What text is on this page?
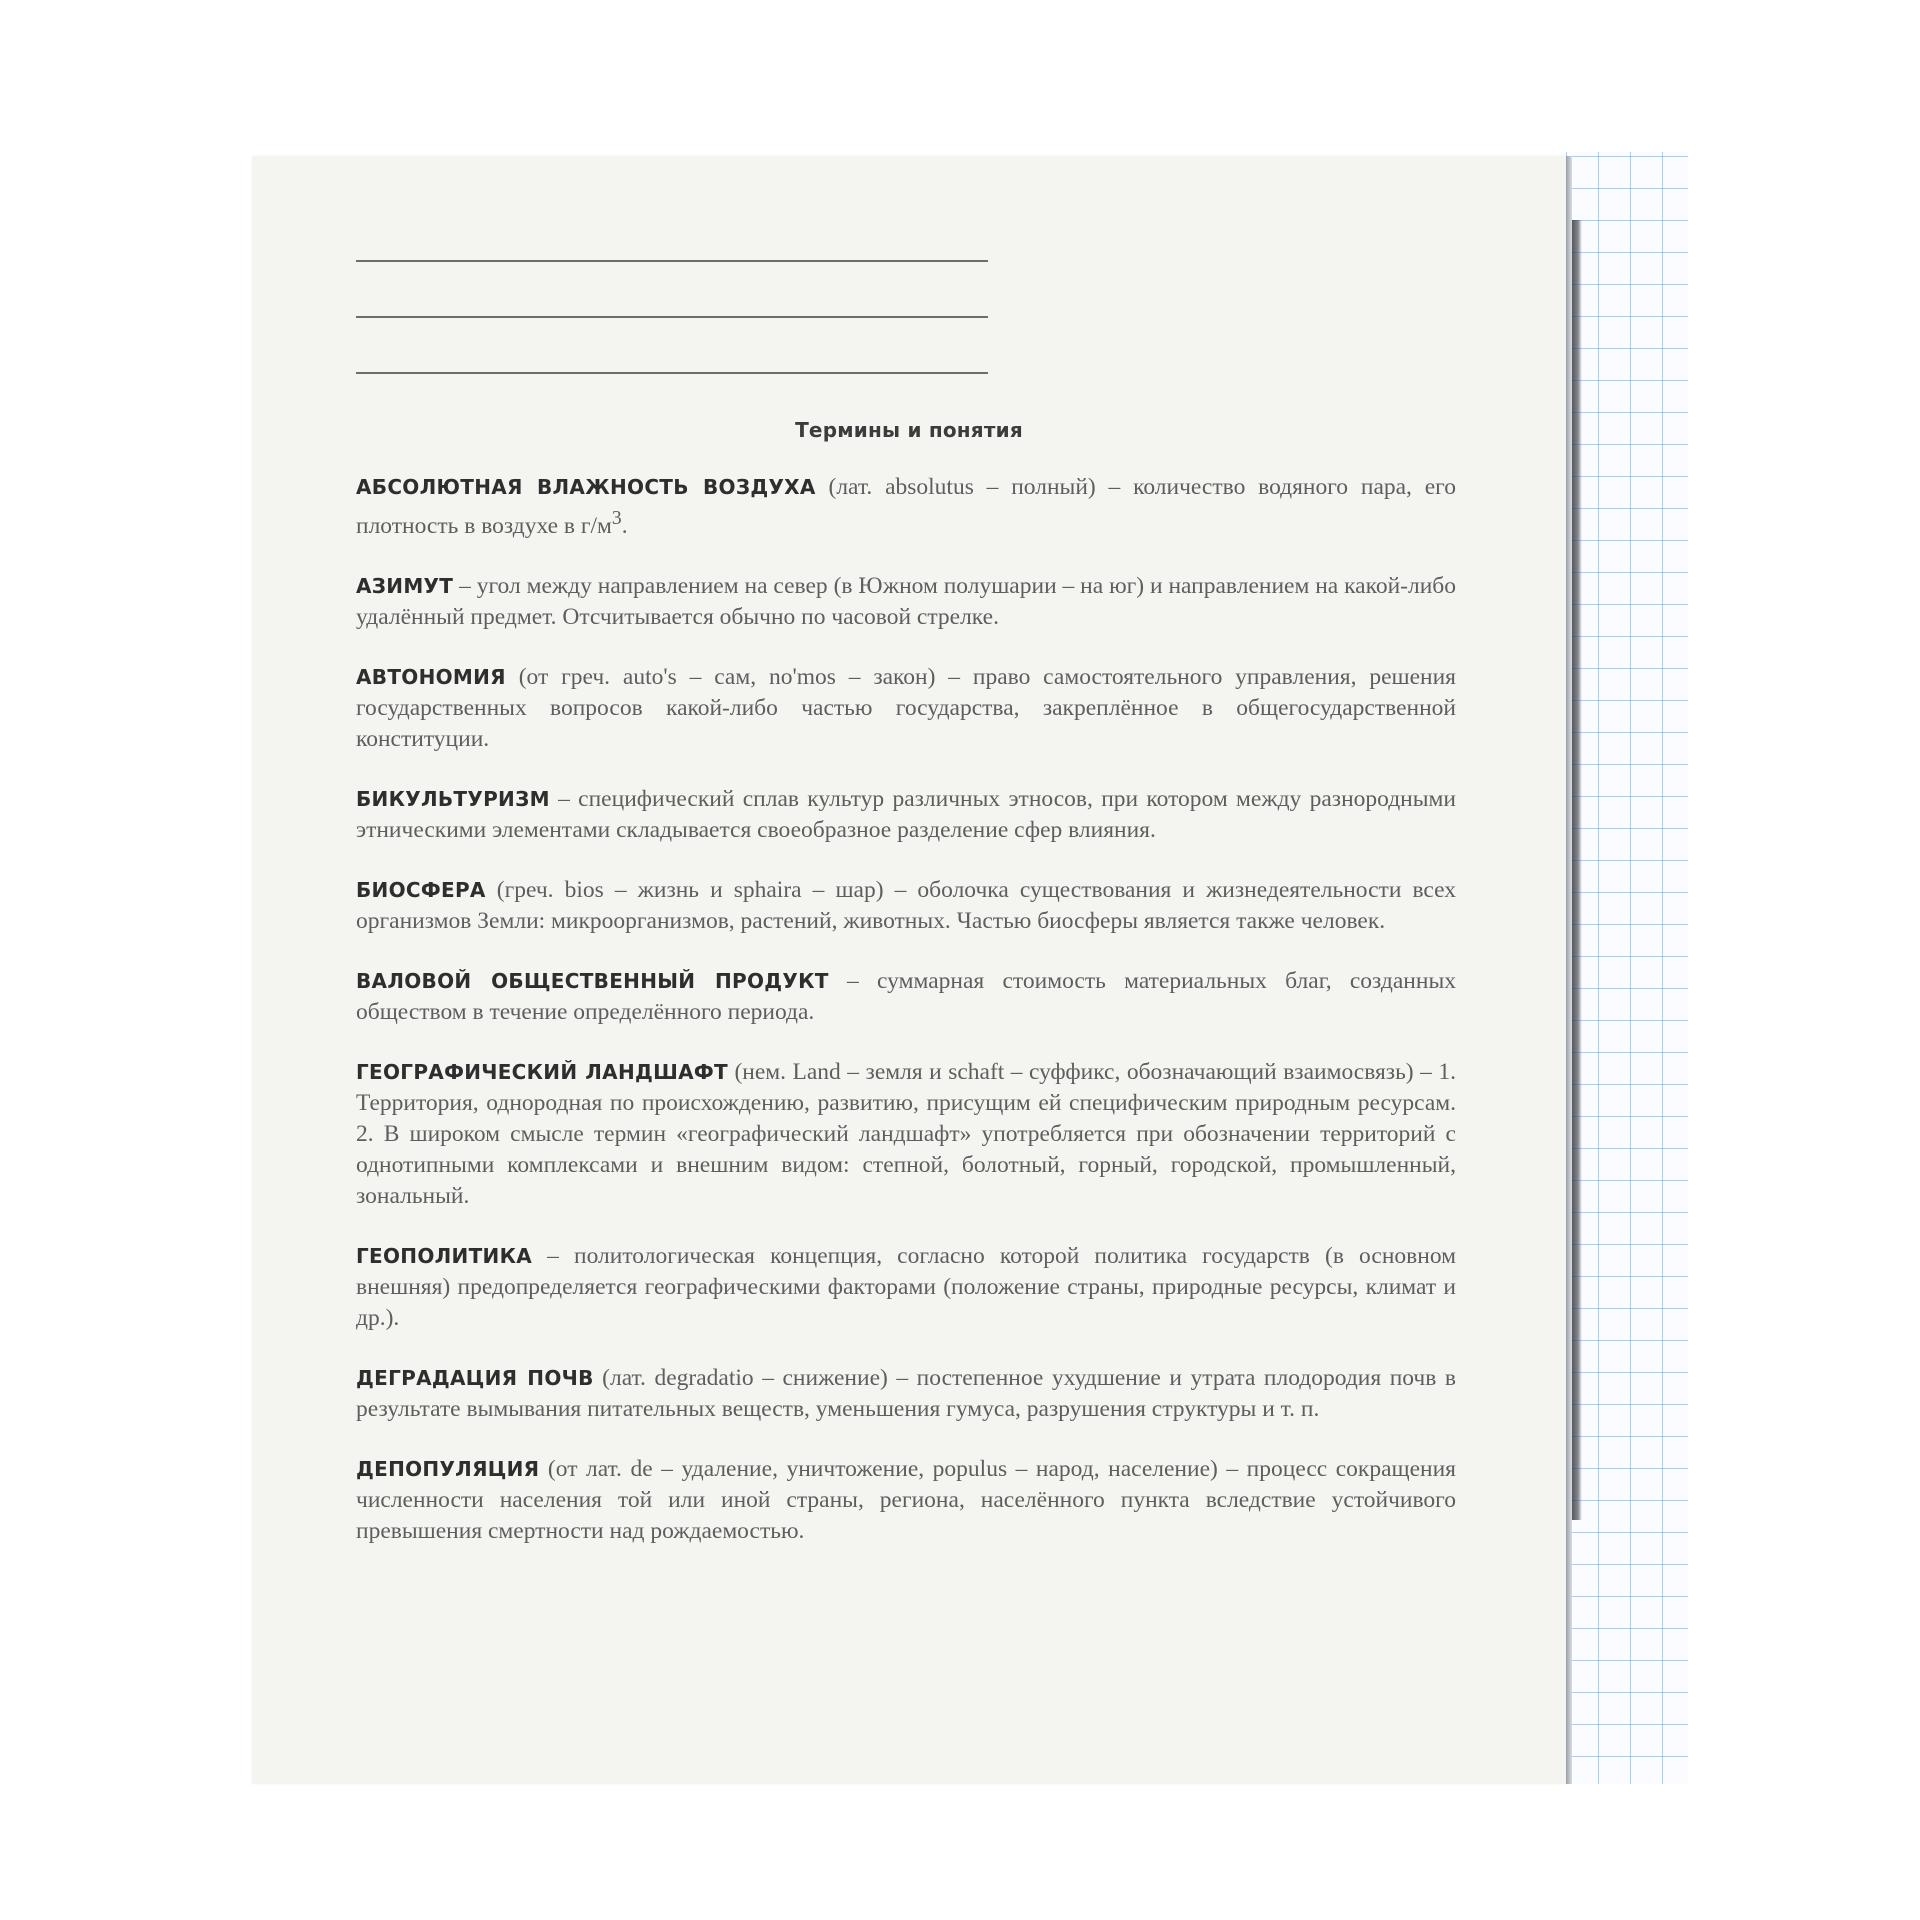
Термины и понятия

АБСОЛЮТНАЯ ВЛАЖНОСТЬ ВОЗДУХА (лат. absolutus – полный) – количество водяного пара, его плотность в воздухе в $г/м^3$.

АЗИМУТ – угол между направлением на север (в Южном полушарии – на юг) и направлением на какой-либо удалённый предмет. Отсчитывается обычно по часовой стрелке.

АВТОНОМИЯ (от греч. auto's – сам, no'mos – закон) – право самостоятельного управления, решения государственных вопросов какой-либо частью государства, закреплённое в общегосударственной конституции.

БИКУЛЬТУРИЗМ – специфический сплав культур различных этносов, при котором между разнородными этническими элементами складывается своеобразное разделение сфер влияния.

БИОСФЕРА (греч. bios – жизнь и sphaira – шар) – оболочка существования и жизнедеятельности всех организмов Земли: микроорганизмов, растений, животных. Частью биосферы является также человек.

ВАЛОВОЙ ОБЩЕСТВЕННЫЙ ПРОДУКТ – суммарная стоимость материальных благ, созданных обществом в течение определённого периода.

ГЕОГРАФИЧЕСКИЙ ЛАНДШАФТ (нем. Land – земля и schaft – суффикс, обозначающий взаимосвязь) – 1. Территория, однородная по происхождению, развитию, присущим ей специфическим природным ресурсам. 2. В широком смысле термин «географический ландшафт» употребляется при обозначении территорий с однотипными комплексами и внешним видом: степной, болотный, горный, городской, промышленный, зональный.

ГЕОПОЛИТИКА – политологическая концепция, согласно которой политика государств (в основном внешняя) предопределяется географическими факторами (положение страны, природные ресурсы, климат и др.).

ДЕГРАДАЦИЯ ПОЧВ (лат. degradatio – снижение) – постепенное ухудшение и утрата плодородия почв в результате вымывания питательных веществ, уменьшения гумуса, разрушения структуры и т. п.

ДЕПОПУЛЯЦИЯ (от лат. de – удаление, уничтожение, populus – народ, население) – процесс сокращения численности населения той или иной страны, региона, населённого пункта вследствие устойчивого превышения смертности над рождаемостью.
